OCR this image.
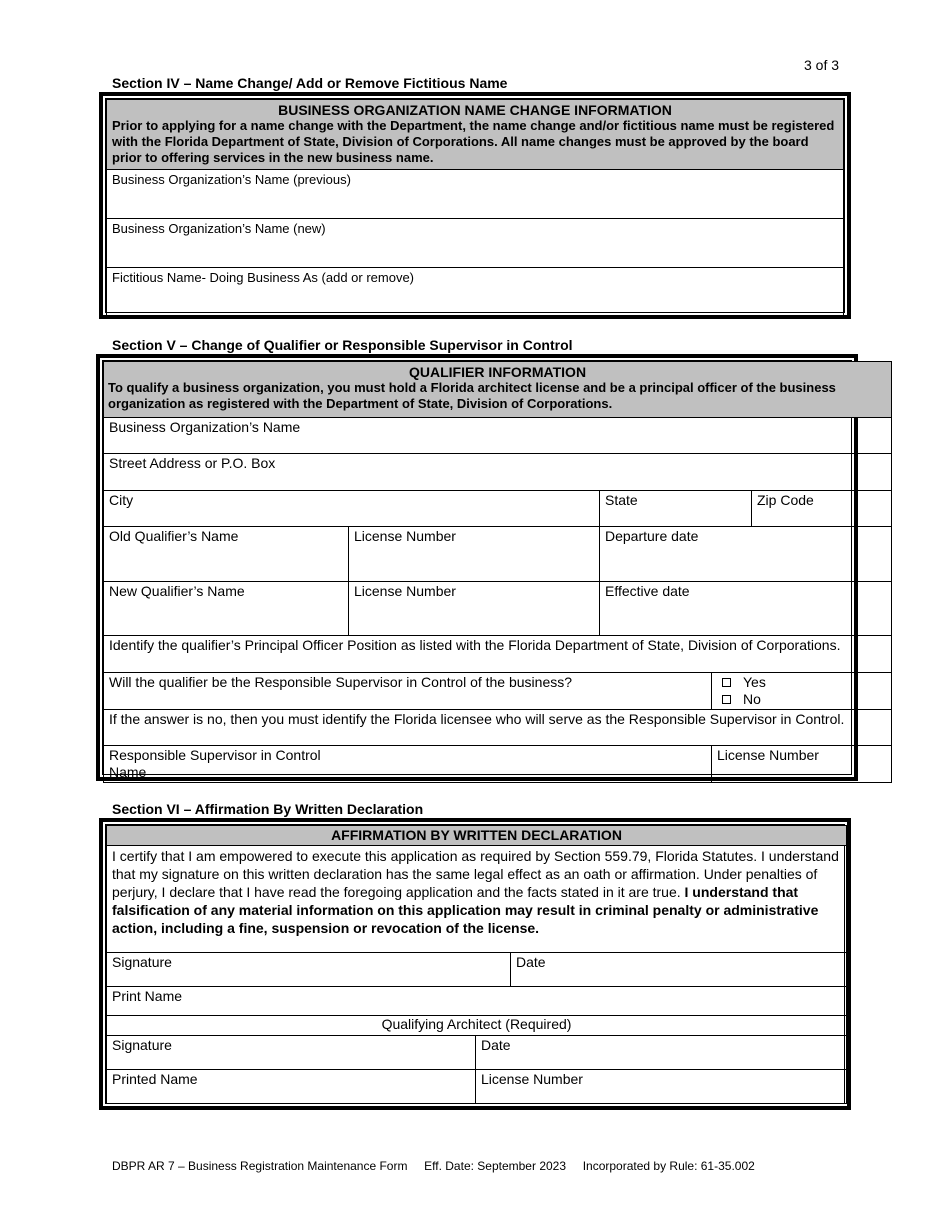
3 of 3
Section IV – Name Change/ Add or Remove Fictitious Name
BUSINESS ORGANIZATION NAME CHANGE INFORMATION
Prior to applying for a name change with the Department, the name change and/or fictitious name must be registered with the Florida Department of State, Division of Corporations. All name changes must be approved by the board prior to offering services in the new business name.

Business Organization’s Name (previous)
Business Organization’s Name (new)
Fictitious Name- Doing Business As (add or remove)
Section V – Change of Qualifier or Responsible Supervisor in Control
QUALIFIER INFORMATION
To qualify a business organization, you must hold a Florida architect license and be a principal officer of the business organization as registered with the Department of State, Division of Corporations.				

Business Organization’s Name				
Street Address or P.O. Box				
City		State		Zip Code
Old Qualifier’s Name	License Number	Departure date		
New Qualifier’s Name	License Number	Effective date		
Identify the qualifier’s Principal Officer Position as listed with the Florida Department of State, Division of Corporations.				
Will the qualifier be the Responsible Supervisor in Control of the business?			Yes
No	

If the answer is no, then you must identify the Florida licensee who will serve as the Responsible Supervisor in Control.				

Responsible Supervisor in Control Name			License Number	
Section VI – Affirmation By Written Declaration
AFFIRMATION BY WRITTEN DECLARATION		
I certify that I am empowered to execute this application as required by Section 559.79, Florida Statutes. I understand that my signature on this written declaration has the same legal effect as an oath or affirmation. Under penalties of perjury, I declare that I have read the foregoing application and the facts stated in it are true. I understand that falsification of any material information on this application may result in criminal penalty or administrative action, including a fine, suspension or revocation of the license.		
Signature		Date
Print Name		
Qualifying Architect (Required)		
Signature	Date	
Printed Name	License Number	
DBPR AR 7 – Business Registration Maintenance Form Eff. Date: September 2023 Incorporated by Rule: 61-35.002
